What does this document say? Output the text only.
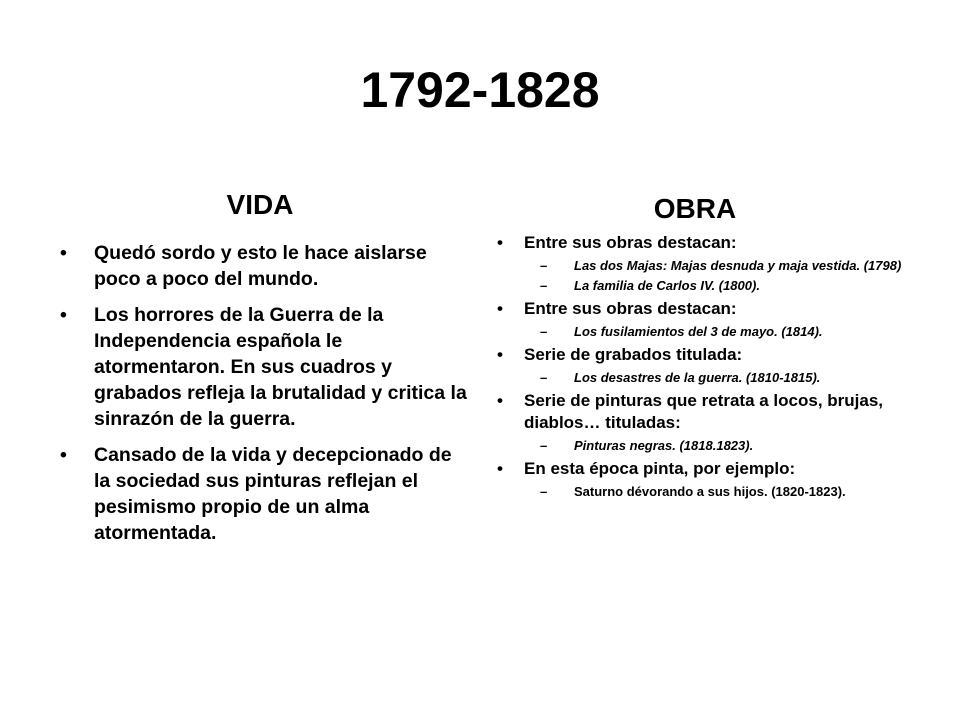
1792-1828
VIDA	OBRA
• Quedó sordo y esto le hace aislarse poco a poco del mundo.
• Los horrores de la Guerra de la Independencia española le atormentaron. En sus cuadros y grabados refleja la brutalidad y critica la sinrazón de la guerra.
• Cansado de la vida y decepcionado de la sociedad sus pinturas reflejan el pesimismo propio de un alma atormentada.
• Entre sus obras destacan:
– Las dos Majas: Majas desnuda y maja vestida. (1798)
– La familia de Carlos IV. (1800).
• Entre sus obras destacan:
– Los fusilamientos del 3 de mayo. (1814).
• Serie de grabados titulada:
– Los desastres de la guerra. (1810-1815).
• Serie de pinturas que retrata a locos, brujas, diablos… tituladas:
– Pinturas negras. (1818.1823).
• En esta época pinta, por ejemplo:
– Saturno dévorando a sus hijos. (1820-1823).
